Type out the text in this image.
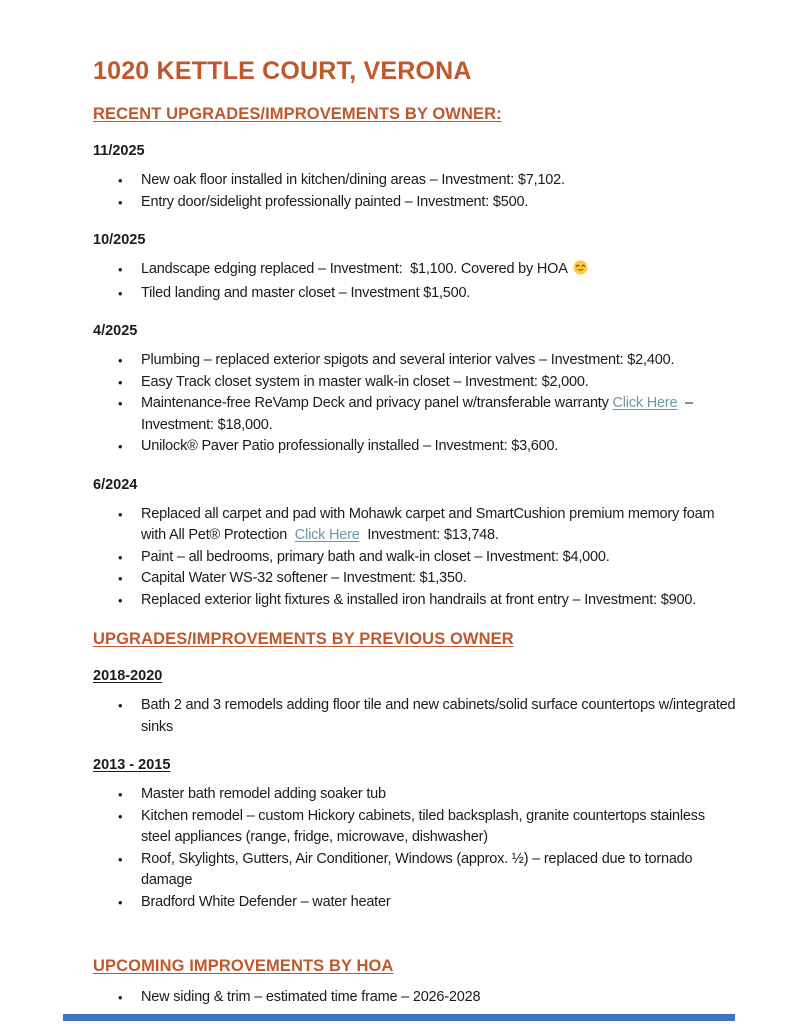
1020 KETTLE COURT, VERONA
RECENT UPGRADES/IMPROVEMENTS BY OWNER:
11/2025
•	New oak floor installed in kitchen/dining areas – Investment: $7,102.
•	Entry door/sidelight professionally painted – Investment: $500.
10/2025
•	Landscape edging replaced – Investment:  $1,100. Covered by HOA
•	Tiled landing and master closet – Investment $1,500.
4/2025
•	Plumbing – replaced exterior spigots and several interior valves – Investment: $2,400.
•	Easy Track closet system in master walk-in closet – Investment: $2,000.
•	Maintenance-free ReVamp Deck and privacy panel w/transferable warranty Click Here  – Investment: $18,000.
•	Unilock® Paver Patio professionally installed – Investment: $3,600.
6/2024
•	Replaced all carpet and pad with Mohawk carpet and SmartCushion premium memory foam with All Pet® Protection  Click Here  Investment: $13,748.
•	Paint – all bedrooms, primary bath and walk-in closet – Investment: $4,000.
•	Capital Water WS-32 softener – Investment: $1,350.
•	Replaced exterior light fixtures & installed iron handrails at front entry – Investment: $900.
UPGRADES/IMPROVEMENTS BY PREVIOUS OWNER
2018-2020
•	Bath 2 and 3 remodels adding floor tile and new cabinets/solid surface countertops w/integrated sinks
2013 - 2015
•	Master bath remodel adding soaker tub
•	Kitchen remodel – custom Hickory cabinets, tiled backsplash, granite countertops stainless steel appliances (range, fridge, microwave, dishwasher)
•	Roof, Skylights, Gutters, Air Conditioner, Windows (approx. ½) – replaced due to tornado damage
•	Bradford White Defender – water heater
UPCOMING IMPROVEMENTS BY HOA
•	New siding & trim – estimated time frame – 2026-2028
